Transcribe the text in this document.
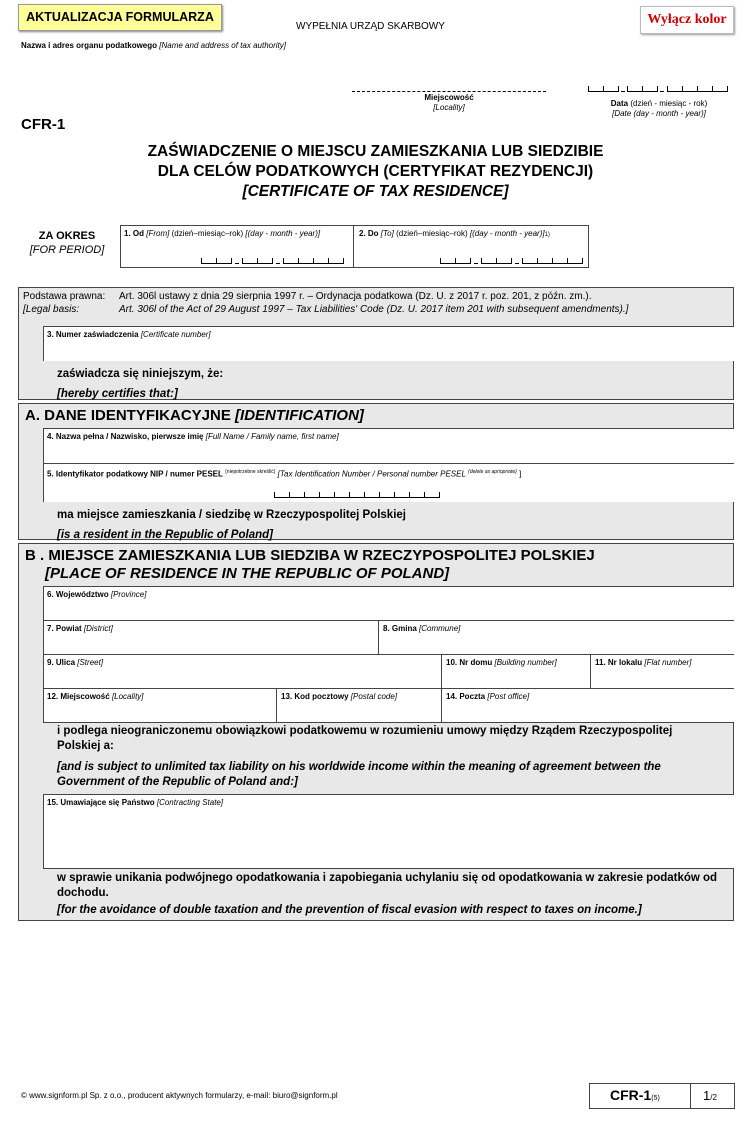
AKTUALIZACJA FORMULARZA
WYPEŁNIA URZĄD SKARBOWY	Wyłącz kolor
Nazwa i adres organu podatkowego [Name and address of tax authority]
Miejscowość
[Locality]	Data (dzień - miesiąc - rok)
[Date (day - month - year)]
CFR-1
ZAŚWIADCZENIE O MIEJSCU ZAMIESZKANIA LUB SIEDZIBIE
DLA CELÓW PODATKOWYCH (CERTYFIKAT REZYDENCJI)
[CERTIFICATE OF TAX RESIDENCE]
ZA OKRES
[FOR PERIOD]
1. Od [From] (dzień–miesiąc–rok) [(day - month - year)]	2. Do [To] (dzień–miesiąc–rok) [(day - month - year)]1)
Podstawa prawna: Art. 306l ustawy z dnia 29 sierpnia 1997 r. – Ordynacja podatkowa (Dz. U. z 2017 r. poz. 201, z późn. zm.).
[Legal basis:	Art. 306l of the Act of 29 August 1997 – Tax Liabilities' Code (Dz. U. 2017 item 201 with subsequent amendments).]
3. Numer zaświadczenia [Certificate number]
zaświadcza się niniejszym, że:
[hereby certifies that:]
A. DANE IDENTYFIKACYJNE [IDENTIFICATION]
4. Nazwa pełna / Nazwisko, pierwsze imię [Full Name / Family name, first name]
5. Identyfikator podatkowy NIP / numer PESEL $^{(niepotrzebne skreślić)}$ [Tax Identification Number / Personal number PESEL $^{(delete as apriopriate)}$ ]
ma miejsce zamieszkania / siedzibę w Rzeczypospolitej Polskiej
[is a resident in the Republic of Poland]
B . MIEJSCE ZAMIESZKANIA LUB SIEDZIBA W RZECZYPOSPOLITEJ POLSKIEJ
[PLACE OF RESIDENCE IN THE REPUBLIC OF POLAND]
6. Województwo [Province]
7. Powiat [District]	8. Gmina [Commune]
9. Ulica [Street]	10. Nr domu [Building number]	11. Nr lokalu [Flat number]
12. Miejscowość [Locality]	13. Kod pocztowy [Postal code]	14. Poczta [Post office]
i podlega nieograniczonemu obowiązkowi podatkowemu w rozumieniu umowy między Rządem Rzeczypospolitej Polskiej a:
[and is subject to unlimited tax liability on his worldwide income within the meaning of agreement between the Government of the Republic of Poland and:]
15. Umawiające się Państwo [Contracting State]
w sprawie unikania podwójnego opodatkowania i zapobiegania uchylaniu się od opodatkowania w zakresie podatków od dochodu.
[for the avoidance of double taxation and the prevention of fiscal evasion with respect to taxes on income.]
© www.signform.pl Sp. z o.o., producent aktywnych formularzy, e-mail: biuro@signform.pl	CFR-1(5)	1/2
